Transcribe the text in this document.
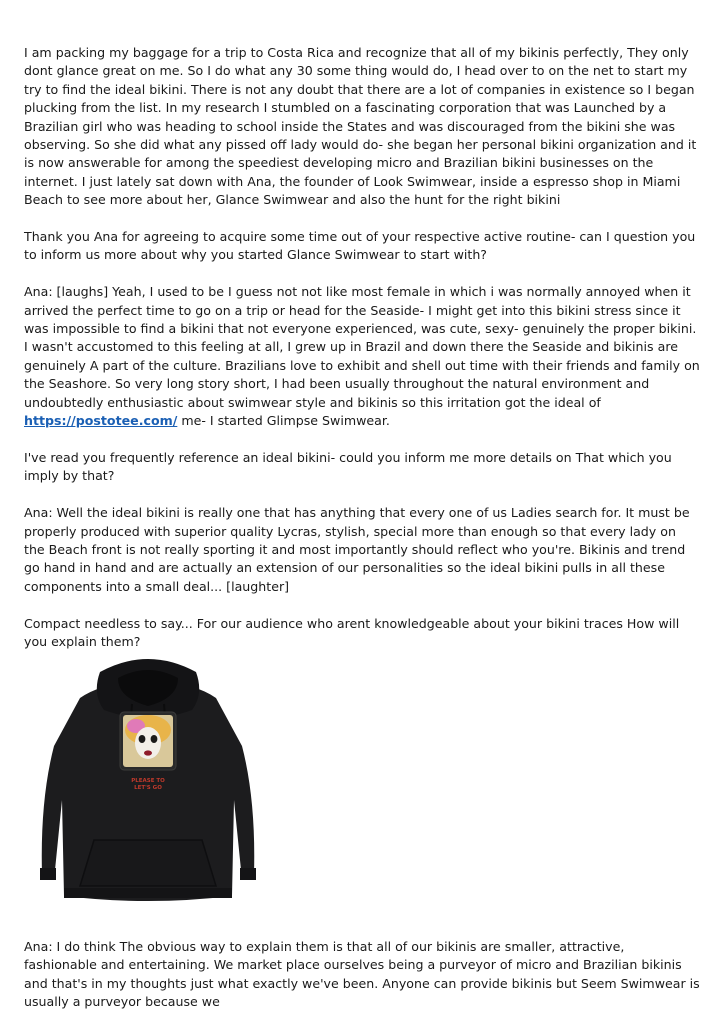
I am packing my baggage for a trip to Costa Rica and recognize that all of my bikinis perfectly, They only dont glance great on me. So I do what any 30 some thing would do, I head over to on the net to start my try to find the ideal bikini. There is not any doubt that there are a lot of companies in existence so I began plucking from the list. In my research I stumbled on a fascinating corporation that was Launched by a Brazilian girl who was heading to school inside the States and was discouraged from the bikini she was observing. So she did what any pissed off lady would do- she began her personal bikini organization and it is now answerable for among the speediest developing micro and Brazilian bikini businesses on the internet. I just lately sat down with Ana, the founder of Look Swimwear, inside a espresso shop in Miami Beach to see more about her, Glance Swimwear and also the hunt for the right bikini

Thank you Ana for agreeing to acquire some time out of your respective active routine- can I question you to inform us more about why you started Glance Swimwear to start with?

Ana: [laughs] Yeah, I used to be I guess not not like most female in which i was normally annoyed when it arrived the perfect time to go on a trip or head for the Seaside- I might get into this bikini stress since it was impossible to find a bikini that not everyone experienced, was cute, sexy- genuinely the proper bikini. I wasn't accustomed to this feeling at all, I grew up in Brazil and down there the Seaside and bikinis are genuinely A part of the culture. Brazilians love to exhibit and shell out time with their friends and family on the Seashore. So very long story short, I had been usually throughout the natural environment and undoubtedly enthusiastic about swimwear style and bikinis so this irritation got the ideal of https://postotee.com/ me- I started Glimpse Swimwear.

I've read you frequently reference an ideal bikini- could you inform me more details on That which you imply by that?

Ana: Well the ideal bikini is really one that has anything that every one of us Ladies search for. It must be properly produced with superior quality Lycras, stylish, special more than enough so that every lady on the Beach front is not really sporting it and most importantly should reflect who you're. Bikinis and trend go hand in hand and are actually an extension of our personalities so the ideal bikini pulls in all these components into a small deal... [laughter]

Compact needless to say... For our audience who arent knowledgeable about your bikini traces How will you explain them?

PLEASE TO
LET'S GO

Ana: I do think The obvious way to explain them is that all of our bikinis are smaller, attractive, fashionable and entertaining. We market place ourselves being a purveyor of micro and Brazilian bikinis and that's in my thoughts just what exactly we've been. Anyone can provide bikinis but Seem Swimwear is usually a purveyor because we
